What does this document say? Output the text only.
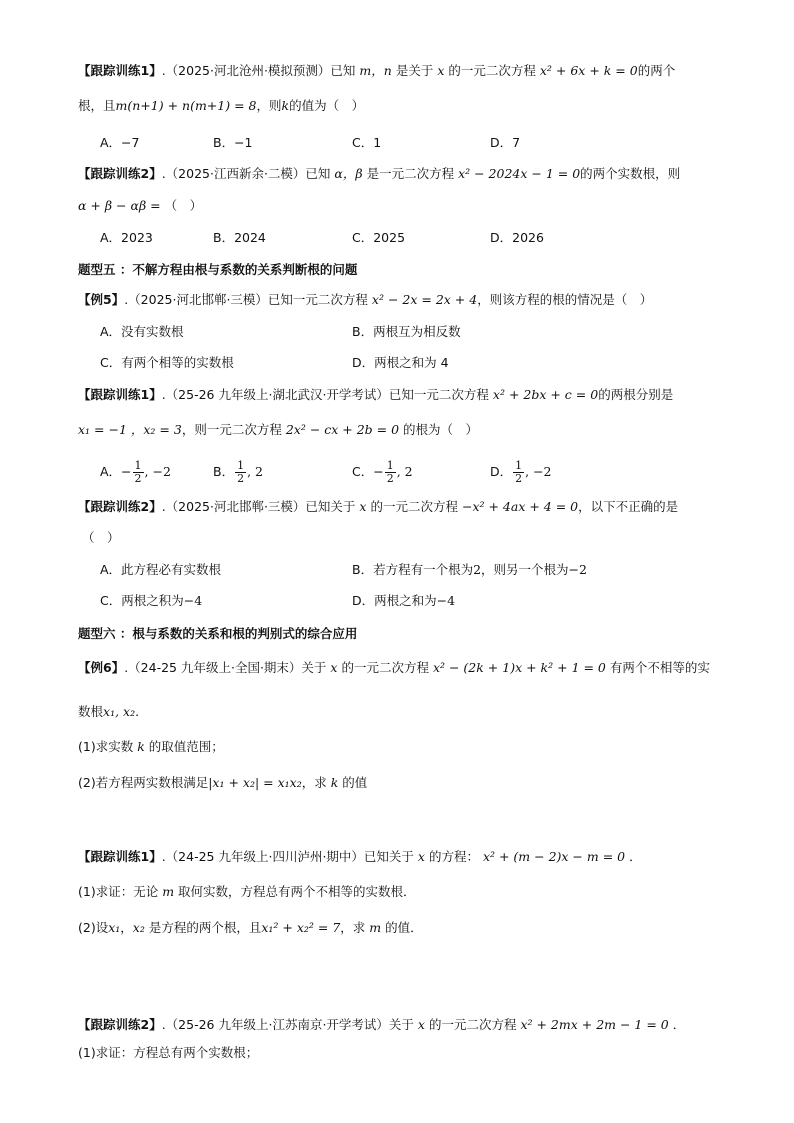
【跟踪训练1】.（2025·河北沧州·模拟预测）已知 m，n 是关于 x 的一元二次方程 x² + 6x + k = 0的两个
根，且m(n+1) + n(m+1) = 8，则k的值为（　）
A．−7	B．−1	C．1	D．7
【跟踪训练2】.（2025·江西新余·二模）已知 α，β 是一元二次方程 x² − 2024x − 1 = 0的两个实数根，则
α + β − αβ = （　）
A．2023	B．2024	C．2025	D．2026
题型五 ：不解方程由根与系数的关系判断根的问题
【例5】.（2025·河北邯郸·三模）已知一元二次方程 x² − 2x = 2x + 4，则该方程的根的情况是（　）
A．没有实数根	B．两根互为相反数
C．有两个相等的实数根	D．两根之和为 4
【跟踪训练1】.（25-26 九年级上·湖北武汉·开学考试）已知一元二次方程 x² + 2bx + c = 0的两根分别是
x₁ = −1 ，x₂ = 3，则一元二次方程 2x² − cx + 2b = 0 的根为（　）
A．− $\frac{1}{2}$ , −2	B． $\frac{1}{2}$ , 2	C．− $\frac{1}{2}$ , 2	D． $\frac{1}{2}$ , −2
【跟踪训练2】.（2025·河北邯郸·三模）已知关于 x 的一元二次方程 −x² + 4ax + 4 = 0，以下不正确的是
（　）
A．此方程必有实数根	B．若方程有一个根为2，则另一个根为−2
C．两根之积为−4	D．两根之和为−4
题型六 ：根与系数的关系和根的判别式的综合应用
【例6】.（24-25 九年级上·全国·期末）关于 x 的一元二次方程 x² − (2k + 1)x + k² + 1 = 0 有两个不相等的实
数根x₁, x₂.
(1)求实数 k 的取值范围；
(2)若方程两实数根满足|x₁ + x₂| = x₁x₂，求 k 的值
【跟踪训练1】.（24-25 九年级上·四川泸州·期中）已知关于 x 的方程： x² + (m − 2)x − m = 0 ．
(1)求证：无论 m 取何实数，方程总有两个不相等的实数根．
(2)设x₁，x₂ 是方程的两个根，且x₁² + x₂² = 7，求 m 的值．
【跟踪训练2】.（25-26 九年级上·江苏南京·开学考试）关于 x 的一元二次方程 x² + 2mx + 2m − 1 = 0 ．
(1)求证：方程总有两个实数根；
